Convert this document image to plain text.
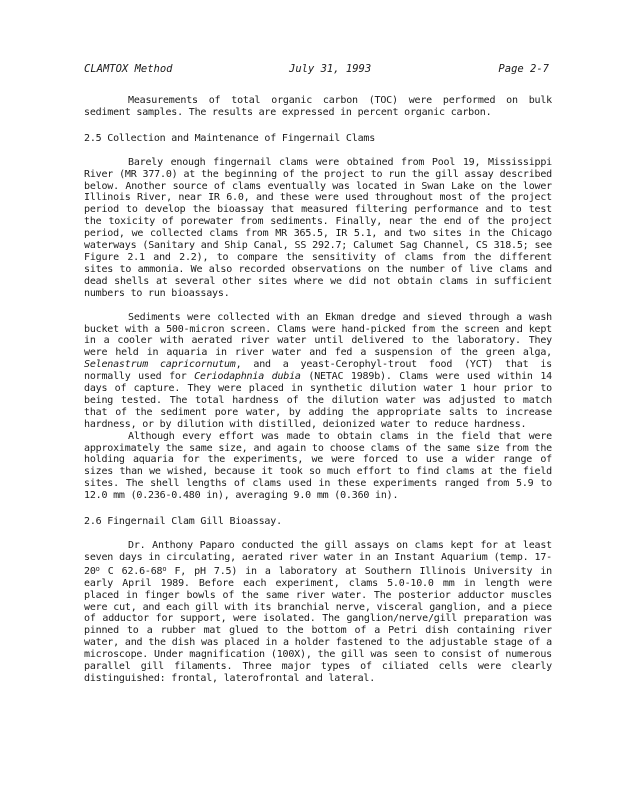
CLAMTOX Method	July 31, 1993	Page 2-7

Measurements of total organic carbon (TOC) were performed on bulk sediment samples. The results are expressed in percent organic carbon.

2.5 Collection and Maintenance of Fingernail Clams

Barely enough fingernail clams were obtained from Pool 19, Mississippi River (MR 377.0) at the beginning of the project to run the gill assay described below. Another source of clams eventually was located in Swan Lake on the lower Illinois River, near IR 6.0, and these were used throughout most of the project period to develop the bioassay that measured filtering performance and to test the toxicity of porewater from sediments. Finally, near the end of the project period, we collected clams from MR 365.5, IR 5.1, and two sites in the Chicago waterways (Sanitary and Ship Canal, SS 292.7; Calumet Sag Channel, CS 318.5; see Figure 2.1 and 2.2), to compare the sensitivity of clams from the different sites to ammonia. We also recorded observations on the number of live clams and dead shells at several other sites where we did not obtain clams in sufficient numbers to run bioassays.

Sediments were collected with an Ekman dredge and sieved through a wash bucket with a 500-micron screen. Clams were hand-picked from the screen and kept in a cooler with aerated river water until delivered to the laboratory. They were held in aquaria in river water and fed a suspension of the green alga, Selenastrum capricornutum, and a yeast-Cerophyl-trout food (YCT) that is normally used for Ceriodaphnia dubia (NETAC 1989b). Clams were used within 14 days of capture. They were placed in synthetic dilution water 1 hour prior to being tested. The total hardness of the dilution water was adjusted to match that of the sediment pore water, by adding the appropriate salts to increase hardness, or by dilution with distilled, deionized water to reduce hardness.

Although every effort was made to obtain clams in the field that were approximately the same size, and again to choose clams of the same size from the holding aquaria for the experiments, we were forced to use a wider range of sizes than we wished, because it took so much effort to find clams at the field sites. The shell lengths of clams used in these experiments ranged from 5.9 to 12.0 mm (0.236-0.480 in), averaging 9.0 mm (0.360 in).

2.6 Fingernail Clam Gill Bioassay.

Dr. Anthony Paparo conducted the gill assays on clams kept for at least seven days in circulating, aerated river water in an Instant Aquarium (temp. 17-20$^o$ C 62.6-68$^o$ F, pH 7.5) in a laboratory at Southern Illinois University in early April 1989. Before each experiment, clams 5.0-10.0 mm in length were placed in finger bowls of the same river water. The posterior adductor muscles were cut, and each gill with its branchial nerve, visceral ganglion, and a piece of adductor for support, were isolated. The ganglion/nerve/gill preparation was pinned to a rubber mat glued to the bottom of a Petri dish containing river water, and the dish was placed in a holder fastened to the adjustable stage of a microscope. Under magnification (100X), the gill was seen to consist of numerous parallel gill filaments. Three major types of ciliated cells were clearly distinguished: frontal, laterofrontal and lateral.
